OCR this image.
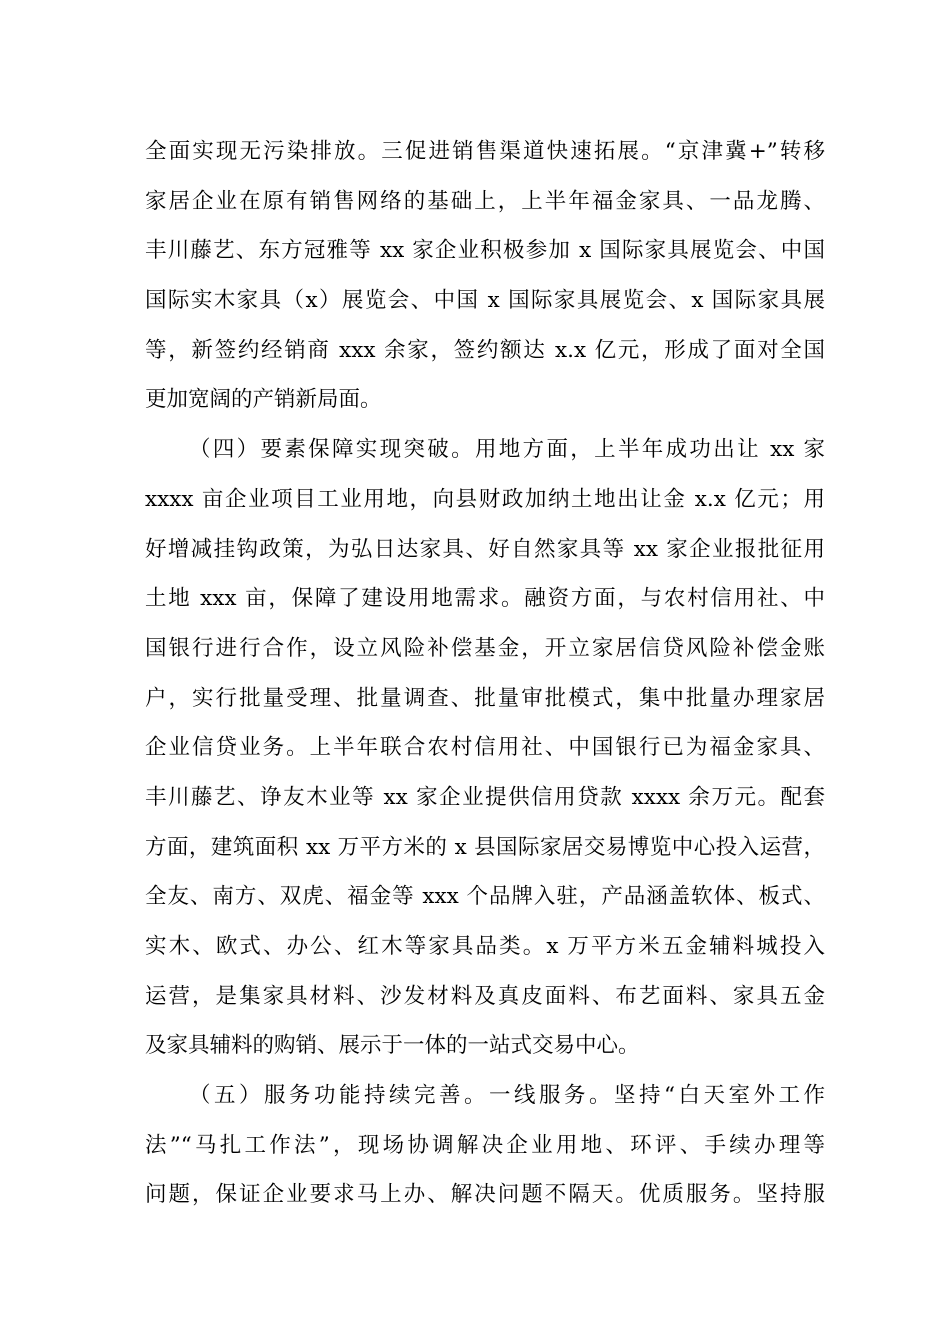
全面实现无污染排放。三促进销售渠道快速拓展。“京津冀+”转移
家居企业在原有销售网络的基础上，上半年福金家具、一品龙腾、
丰川藤艺、东方冠雅等 xx 家企业积极参加 x 国际家具展览会、中国
国际实木家具（x）展览会、中国 x 国际家具展览会、x 国际家具展
等，新签约经销商 xxx 余家，签约额达 x.x 亿元，形成了面对全国
更加宽阔的产销新局面。
（四）要素保障实现突破。用地方面，上半年成功出让 xx 家
xxxx 亩企业项目工业用地，向县财政加纳土地出让金 x.x 亿元；用
好增减挂钩政策，为弘日达家具、好自然家具等 xx 家企业报批征用
土地 xxx 亩，保障了建设用地需求。融资方面，与农村信用社、中
国银行进行合作，设立风险补偿基金，开立家居信贷风险补偿金账
户，实行批量受理、批量调查、批量审批模式，集中批量办理家居
企业信贷业务。上半年联合农村信用社、中国银行已为福金家具、
丰川藤艺、诤友木业等 xx 家企业提供信用贷款 xxxx 余万元。配套
方面，建筑面积 xx 万平方米的 x 县国际家居交易博览中心投入运营，
全友、南方、双虎、福金等 xxx 个品牌入驻，产品涵盖软体、板式、
实木、欧式、办公、红木等家具品类。x 万平方米五金辅料城投入
运营，是集家具材料、沙发材料及真皮面料、布艺面料、家具五金
及家具辅料的购销、展示于一体的一站式交易中心。
（五）服务功能持续完善。一线服务。坚持“白天室外工作
法”“马扎工作法”，现场协调解决企业用地、环评、手续办理等
问题，保证企业要求马上办、解决问题不隔天。优质服务。坚持服
